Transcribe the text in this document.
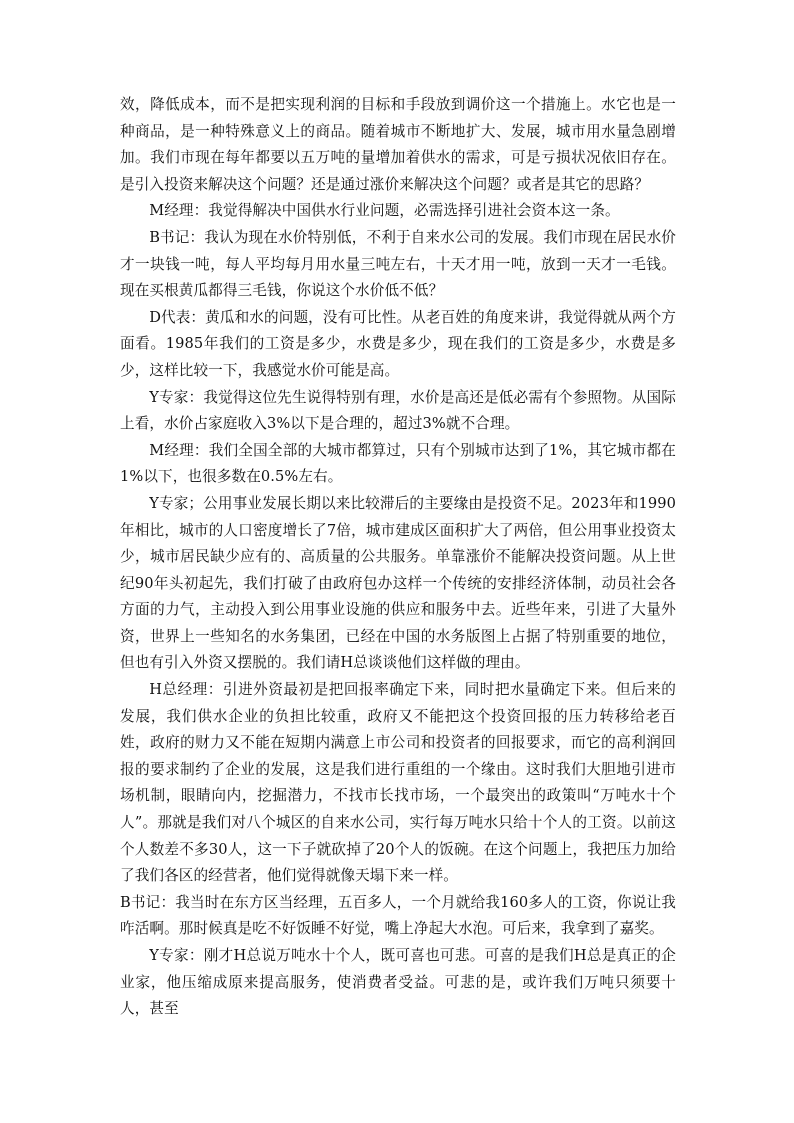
效，降低成本，而不是把实现利润的目标和手段放到调价这一个措施上。水它也是一种商品，是一种特殊意义上的商品。随着城市不断地扩大、发展，城市用水量急剧增加。我们市现在每年都要以五万吨的量增加着供水的需求，可是亏损状况依旧存在。是引入投资来解决这个问题？还是通过涨价来解决这个问题？或者是其它的思路？

M经理：我觉得解决中国供水行业问题，必需选择引进社会资本这一条。

B书记：我认为现在水价特别低，不利于自来水公司的发展。我们市现在居民水价才一块钱一吨，每人平均每月用水量三吨左右，十天才用一吨，放到一天才一毛钱。现在买根黄瓜都得三毛钱，你说这个水价低不低？

D代表：黄瓜和水的问题，没有可比性。从老百姓的角度来讲，我觉得就从两个方面看。1985年我们的工资是多少，水费是多少，现在我们的工资是多少，水费是多少，这样比较一下，我感觉水价可能是高。

Y专家：我觉得这位先生说得特别有理，水价是高还是低必需有个参照物。从国际上看，水价占家庭收入3%以下是合理的，超过3%就不合理。

M经理：我们全国全部的大城市都算过，只有个别城市达到了1%，其它城市都在1%以下，也很多数在0.5%左右。

Y专家；公用事业发展长期以来比较滞后的主要缘由是投资不足。2023年和1990年相比，城市的人口密度增长了7倍，城市建成区面积扩大了两倍，但公用事业投资太少，城市居民缺少应有的、高质量的公共服务。单靠涨价不能解决投资问题。从上世纪90年头初起先，我们打破了由政府包办这样一个传统的安排经济体制，动员社会各方面的力气，主动投入到公用事业设施的供应和服务中去。近些年来，引进了大量外资，世界上一些知名的水务集团，已经在中国的水务版图上占据了特别重要的地位，但也有引入外资又摆脱的。我们请H总谈谈他们这样做的理由。

H总经理：引进外资最初是把回报率确定下来，同时把水量确定下来。但后来的发展，我们供水企业的负担比较重，政府又不能把这个投资回报的压力转移给老百姓，政府的财力又不能在短期内满意上市公司和投资者的回报要求，而它的高利润回报的要求制约了企业的发展，这是我们进行重组的一个缘由。这时我们大胆地引进市场机制，眼睛向内，挖掘潜力，不找市长找市场，一个最突出的政策叫“万吨水十个人”。那就是我们对八个城区的自来水公司，实行每万吨水只给十个人的工资。以前这个人数差不多30人，这一下子就砍掉了20个人的饭碗。在这个问题上，我把压力加给了我们各区的经营者，他们觉得就像天塌下来一样。

B书记：我当时在东方区当经理，五百多人，一个月就给我160多人的工资，你说让我咋活啊。那时候真是吃不好饭睡不好觉，嘴上净起大水泡。可后来，我拿到了嘉奖。

Y专家：刚才H总说万吨水十个人，既可喜也可悲。可喜的是我们H总是真正的企业家，他压缩成原来提高服务，使消费者受益。可悲的是，或许我们万吨只须要十人，甚至
